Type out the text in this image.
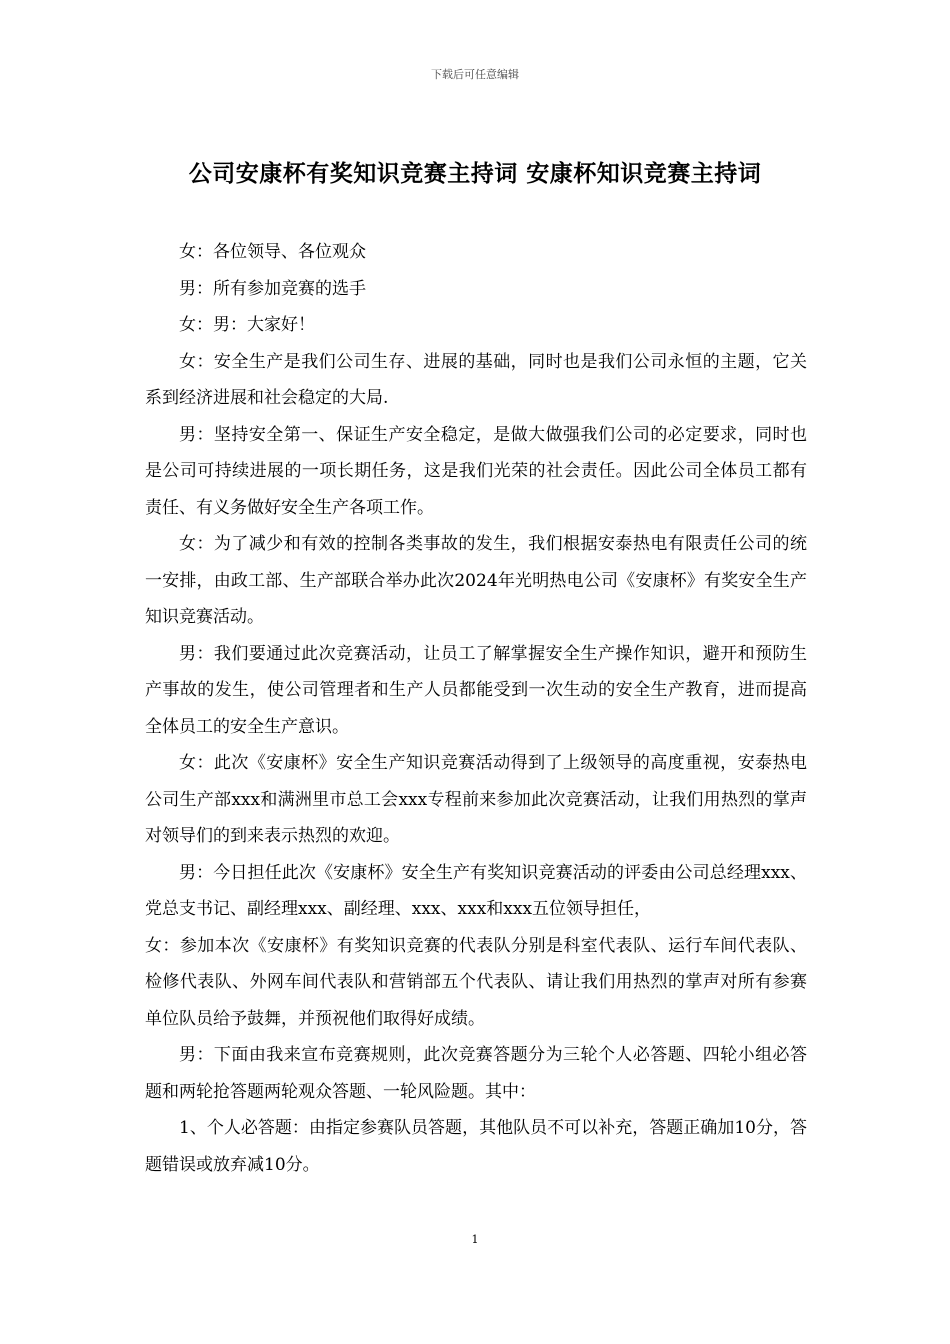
下载后可任意编辑
公司安康杯有奖知识竞赛主持词 安康杯知识竞赛主持词

女：各位领导、各位观众

男：所有参加竞赛的选手

女：男：大家好！

女：安全生产是我们公司生存、进展的基础，同时也是我们公司永恒的主题，它关系到经济进展和社会稳定的大局.

男：坚持安全第一、保证生产安全稳定，是做大做强我们公司的必定要求，同时也是公司可持续进展的一项长期任务，这是我们光荣的社会责任。因此公司全体员工都有责任、有义务做好安全生产各项工作。

女：为了减少和有效的控制各类事故的发生，我们根据安泰热电有限责任公司的统一安排，由政工部、生产部联合举办此次2024年光明热电公司《安康杯》有奖安全生产知识竞赛活动。

男：我们要通过此次竞赛活动，让员工了解掌握安全生产操作知识，避开和预防生产事故的发生，使公司管理者和生产人员都能受到一次生动的安全生产教育，进而提高全体员工的安全生产意识。

女：此次《安康杯》安全生产知识竞赛活动得到了上级领导的高度重视，安泰热电公司生产部xxx和满洲里市总工会xxx专程前来参加此次竞赛活动，让我们用热烈的掌声对领导们的到来表示热烈的欢迎。

男：今日担任此次《安康杯》安全生产有奖知识竞赛活动的评委由公司总经理xxx、党总支书记、副经理xxx、副经理、xxx、xxx和xxx五位领导担任，

女：参加本次《安康杯》有奖知识竞赛的代表队分别是科室代表队、运行车间代表队、检修代表队、外网车间代表队和营销部五个代表队、请让我们用热烈的掌声对所有参赛单位队员给予鼓舞，并预祝他们取得好成绩。

男：下面由我来宣布竞赛规则，此次竞赛答题分为三轮个人必答题、四轮小组必答题和两轮抢答题两轮观众答题、一轮风险题。其中：

1、个人必答题：由指定参赛队员答题，其他队员不可以补充，答题正确加10分，答题错误或放弃减10分。

1
